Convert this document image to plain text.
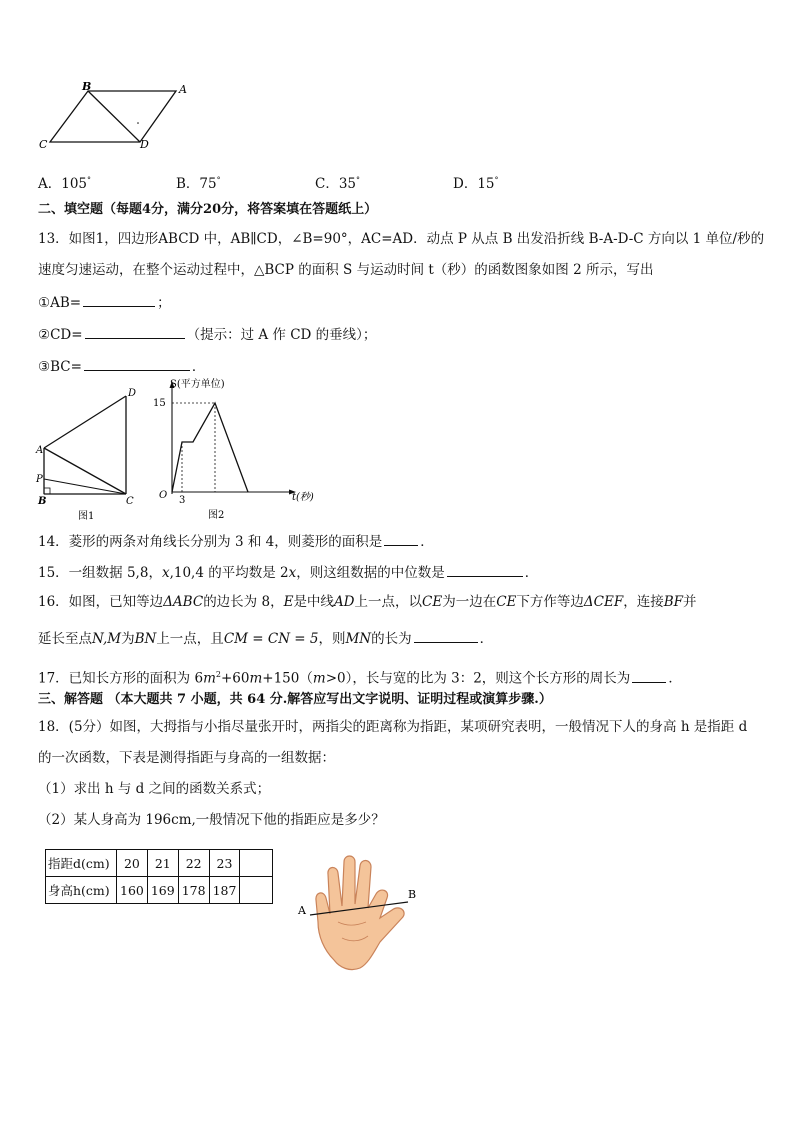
B	A
C	D
A．105°	B．75°	C．35°	D．15°
二、填空题（每题4分，满分20分，将答案填在答题纸上）
13．如图1，四边形ABCD 中，AB∥CD，∠B=90°，AC=AD．动点 P 从点 B 出发沿折线 B-A-D-C 方向以 1 单位/秒的
速度匀速运动，在整个运动过程中，△BCP 的面积 S 与运动时间 t（秒）的函数图象如图 2 所示，写出
①AB=	；
②CD=	（提示：过 A 作 CD 的垂线）；
③BC=	．
D
A
P
B	C
图1
S(平方单位)
15
O 3	t(秒)
图2
14．菱形的两条对角线长分别为 3 和 4，则菱形的面积是	．
15．一组数据 5,8，x,10,4 的平均数是 2x，则这组数据的中位数是	．
16．如图，已知等边ΔABC的边长为 8，E是中线AD上一点，以CE为一边在CE下方作等边ΔCEF，连接BF并
延长至点N,M为BN上一点，且CM = CN = 5，则MN的长为	．
17．已知长方形的面积为 $6m^2+60m+150(m>0)$，长与宽的比为 3：2，则这个长方形的周长为	．
三、解答题 （本大题共 7 小题，共 64 分.解答应写出文字说明、证明过程或演算步骤.）
18．(5分）如图，大拇指与小指尽量张开时，两指尖的距离称为指距，某项研究表明，一般情况下人的身高 h 是指距 d
的一次函数，下表是测得指距与身高的一组数据：
（1）求出 h 与 d 之间的函数关系式；
（2）某人身高为 196cm,一般情况下他的指距应是多少？
指距d(cm)	20	21	22	23	
身高h(cm)	160	169	178	187	
A
B
